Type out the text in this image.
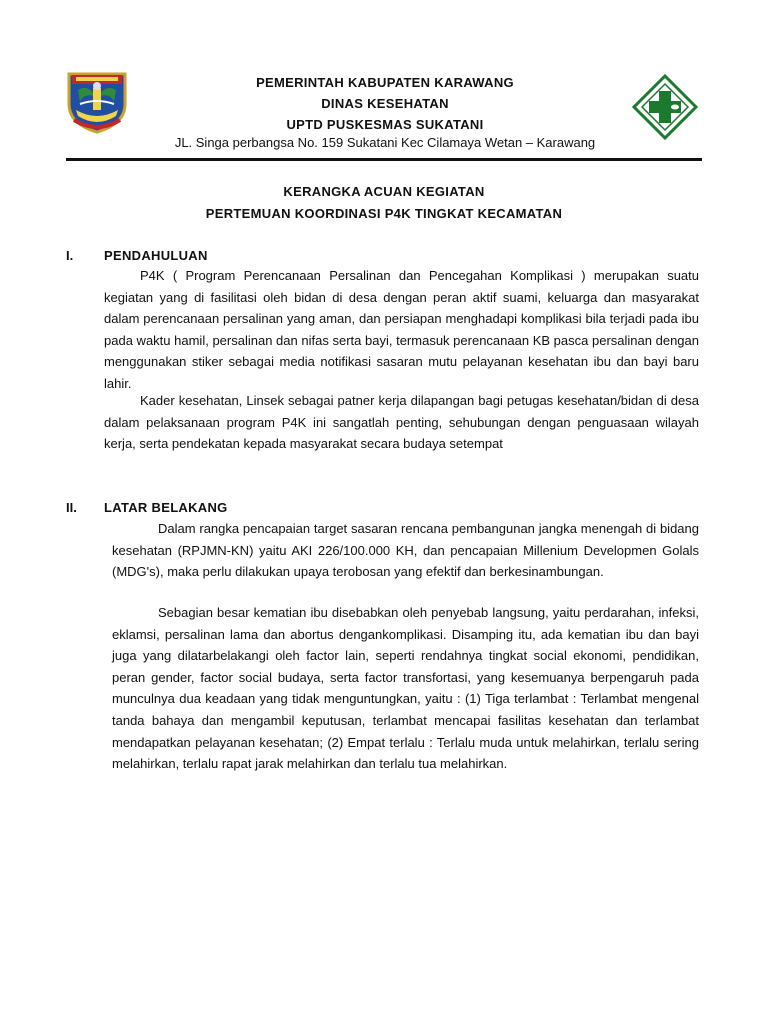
PEMERINTAH KABUPATEN KARAWANG
DINAS KESEHATAN
UPTD PUSKESMAS SUKATANI
JL. Singa perbangsa No. 159 Sukatani Kec Cilamaya Wetan – Karawang
KERANGKA ACUAN KEGIATAN
PERTEMUAN KOORDINASI P4K TINGKAT KECAMATAN
I. PENDAHULUAN

P4K ( Program Perencanaan Persalinan dan Pencegahan Komplikasi ) merupakan suatu kegiatan yang di fasilitasi oleh bidan di desa dengan peran aktif suami, keluarga dan masyarakat dalam perencanaan persalinan yang aman, dan persiapan menghadapi komplikasi bila terjadi pada ibu pada waktu hamil, persalinan dan nifas serta bayi, termasuk perencanaan KB pasca persalinan dengan menggunakan stiker sebagai media notifikasi sasaran mutu pelayanan kesehatan ibu dan bayi baru lahir.

Kader kesehatan, Linsek sebagai patner kerja dilapangan bagi petugas kesehatan/bidan di desa dalam pelaksanaan program P4K ini sangatlah penting, sehubungan dengan penguasaan wilayah kerja, serta pendekatan kepada masyarakat secara budaya setempat

II. LATAR BELAKANG

Dalam rangka pencapaian target sasaran rencana pembangunan jangka menengah di bidang kesehatan (RPJMN-KN) yaitu AKI 226/100.000 KH, dan pencapaian Millenium Developmen Golals (MDG's), maka perlu dilakukan upaya terobosan yang efektif dan berkesinambungan.

Sebagian besar kematian ibu disebabkan oleh penyebab langsung, yaitu perdarahan, infeksi, eklamsi, persalinan lama dan abortus dengankomplikasi. Disamping itu, ada kematian ibu dan bayi juga yang dilatarbelakangi oleh factor lain, seperti rendahnya tingkat social ekonomi, pendidikan, peran gender, factor social budaya, serta factor transfortasi, yang kesemuanya berpengaruh pada munculnya dua keadaan yang tidak menguntungkan, yaitu : (1) Tiga terlambat : Terlambat mengenal tanda bahaya dan mengambil keputusan, terlambat mencapai fasilitas kesehatan dan terlambat mendapatkan pelayanan kesehatan; (2) Empat terlalu : Terlalu muda untuk melahirkan, terlalu sering melahirkan, terlalu rapat jarak melahirkan dan terlalu tua melahirkan.
